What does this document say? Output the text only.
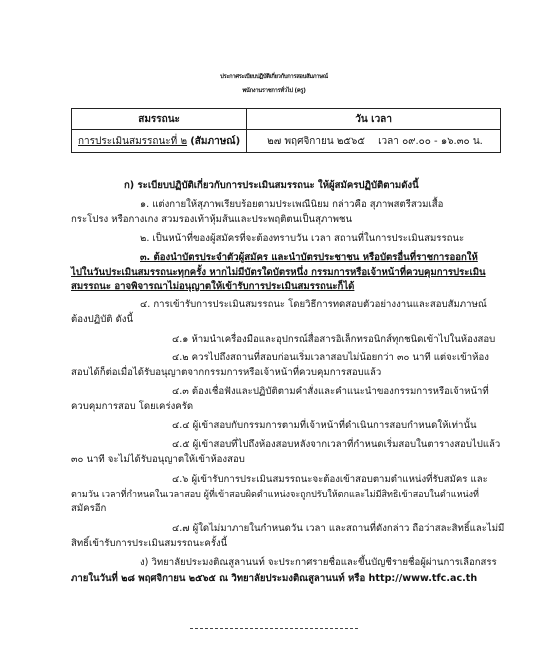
ประกาศระเบียบปฏิบัติเกี่ยวกับการสอบสัมภาษณ์
พนักงานราชการทั่วไป (ครู)
สมรรถนะ	วัน เวลา
การประเมินสมรรถนะที่ ๒ (สัมภาษณ์)	๒๗ พฤศจิกายน ๒๕๖๕ เวลา ๐๙.๐๐ - ๑๖.๓๐ น.
ก) ระเบียบปฏิบัติเกี่ยวกับการประเมินสมรรถนะ ให้ผู้สมัครปฏิบัติตามดังนี้
๑. แต่งกายให้สุภาพเรียบร้อยตามประเพณีนิยม กล่าวคือ สุภาพสตรีสวมเสื้อ
กระโปรง หรือกางเกง สวมรองเท้าหุ้มส้นและประพฤติตนเป็นสุภาพชน
๒. เป็นหน้าที่ของผู้สมัครที่จะต้องทราบวัน เวลา สถานที่ในการประเมินสมรรถนะ
๓. ต้องนำบัตรประจำตัวผู้สมัคร และนำบัตรประชาชน หรือบัตรอื่นที่ราชการออกให้
ไปในวันประเมินสมรรถนะทุกครั้ง หากไม่มีบัตรใดบัตรหนึ่ง กรรมการหรือเจ้าหน้าที่ควบคุมการประเมิน
สมรรถนะ อาจพิจารณาไม่อนุญาตให้เข้ารับการประเมินสมรรถนะก็ได้
๔. การเข้ารับการประเมินสมรรถนะ โดยวิธีการทดสอบตัวอย่างงานและสอบสัมภาษณ์
ต้องปฏิบัติ ดังนี้
๔.๑ ห้ามนำเครื่องมือและอุปกรณ์สื่อสารอิเล็กทรอนิกส์ทุกชนิดเข้าไปในห้องสอบ
๔.๒ ควรไปถึงสถานที่สอบก่อนเริ่มเวลาสอบไม่น้อยกว่า ๓๐ นาที แต่จะเข้าห้อง
สอบได้ก็ต่อเมื่อได้รับอนุญาตจากกรรมการหรือเจ้าหน้าที่ควบคุมการสอบแล้ว
๔.๓ ต้องเชื่อฟังและปฏิบัติตามคำสั่งและคำแนะนำของกรรมการหรือเจ้าหน้าที่
ควบคุมการสอบ โดยเคร่งครัด
๔.๔ ผู้เข้าสอบกับกรรมการตามที่เจ้าหน้าที่ดำเนินการสอบกำหนดให้เท่านั้น
๔.๕ ผู้เข้าสอบที่ไปถึงห้องสอบหลังจากเวลาที่กำหนดเริ่มสอบในตารางสอบไปแล้ว
๓๐ นาที จะไม่ได้รับอนุญาตให้เข้าห้องสอบ
๔.๖ ผู้เข้ารับการประเมินสมรรถนะจะต้องเข้าสอบตามตำแหน่งที่รับสมัคร และ
ตามวัน เวลาที่กำหนดในเวลาสอบ ผู้ที่เข้าสอบผิดตำแหน่งจะถูกปรับให้ตกและไม่มีสิทธิเข้าสอบในตำแหน่งที่
สมัครอีก
๔.๗ ผู้ใดไม่มาภายในกำหนดวัน เวลา และสถานที่ดังกล่าว ถือว่าสละสิทธิ์และไม่มี
สิทธิ์เข้ารับการประเมินสมรรถนะครั้งนี้
ง) วิทยาลัยประมงติณสูลานนท์ จะประกาศรายชื่อและขึ้นบัญชีรายชื่อผู้ผ่านการเลือกสรร
ภายในวันที่ ๒๘ พฤศจิกายน ๒๕๖๕ ณ วิทยาลัยประมงติณสูลานนท์ หรือ http://www.tfc.ac.th
